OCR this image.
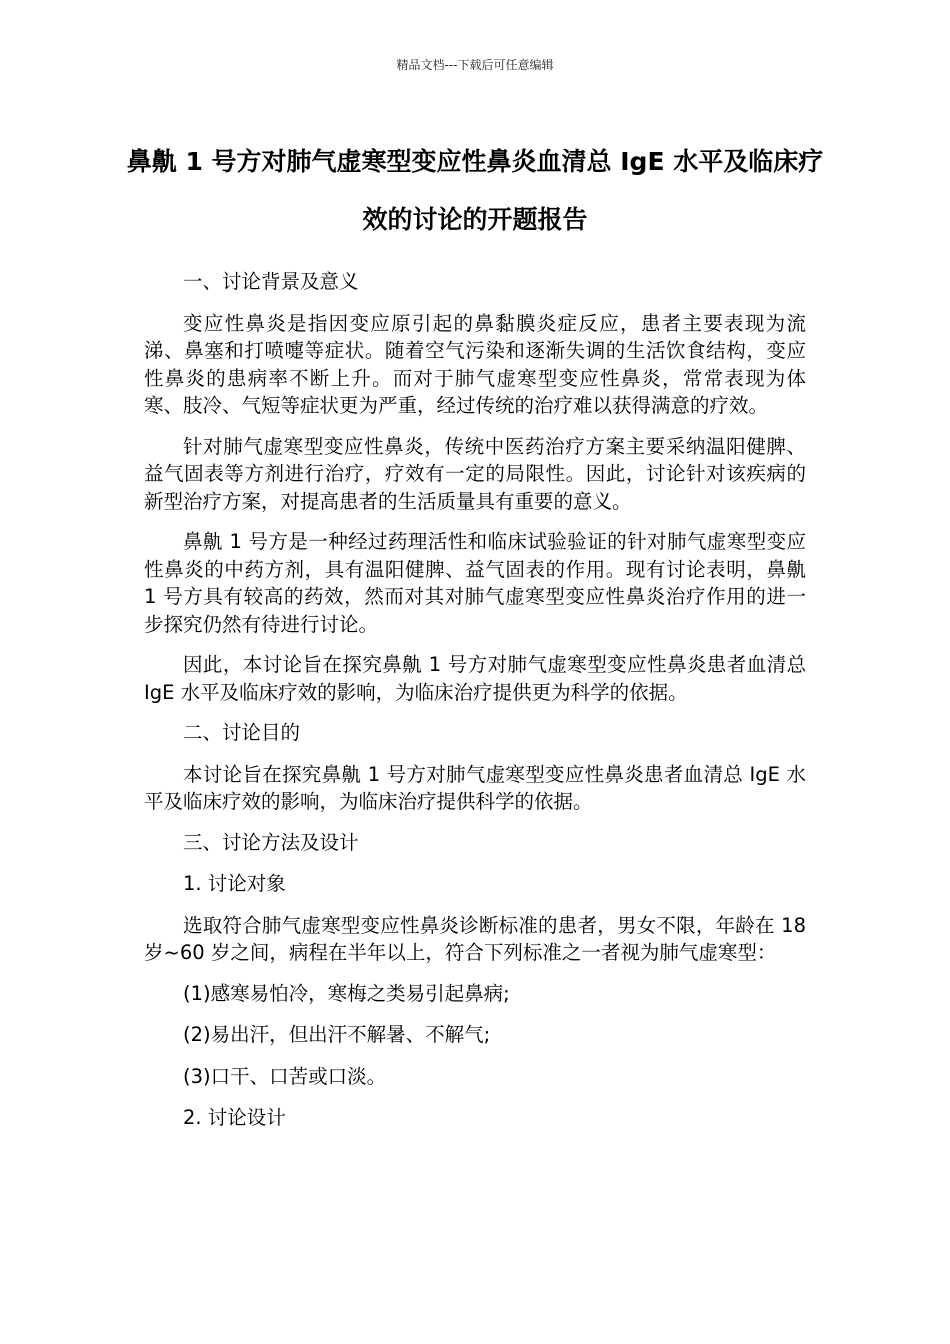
精品文档---下载后可任意编辑
鼻鼽 1 号方对肺气虚寒型变应性鼻炎血清总 IgE 水平及临床疗效的讨论的开题报告

一、讨论背景及意义

变应性鼻炎是指因变应原引起的鼻黏膜炎症反应，患者主要表现为流涕、鼻塞和打喷嚏等症状。随着空气污染和逐渐失调的生活饮食结构，变应性鼻炎的患病率不断上升。而对于肺气虚寒型变应性鼻炎，常常表现为体寒、肢冷、气短等症状更为严重，经过传统的治疗难以获得满意的疗效。

针对肺气虚寒型变应性鼻炎，传统中医药治疗方案主要采纳温阳健脾、益气固表等方剂进行治疗，疗效有一定的局限性。因此，讨论针对该疾病的新型治疗方案，对提高患者的生活质量具有重要的意义。

鼻鼽 1 号方是一种经过药理活性和临床试验验证的针对肺气虚寒型变应性鼻炎的中药方剂，具有温阳健脾、益气固表的作用。现有讨论表明，鼻鼽 1 号方具有较高的药效，然而对其对肺气虚寒型变应性鼻炎治疗作用的进一步探究仍然有待进行讨论。

因此，本讨论旨在探究鼻鼽 1 号方对肺气虚寒型变应性鼻炎患者血清总 IgE 水平及临床疗效的影响，为临床治疗提供更为科学的依据。

二、讨论目的

本讨论旨在探究鼻鼽 1 号方对肺气虚寒型变应性鼻炎患者血清总 IgE 水平及临床疗效的影响，为临床治疗提供科学的依据。

三、讨论方法及设计

1. 讨论对象

选取符合肺气虚寒型变应性鼻炎诊断标准的患者，男女不限，年龄在 18 岁~60 岁之间，病程在半年以上，符合下列标准之一者视为肺气虚寒型：

(1)感寒易怕冷，寒梅之类易引起鼻病;

(2)易出汗，但出汗不解暑、不解气;

(3)口干、口苦或口淡。

2. 讨论设计
